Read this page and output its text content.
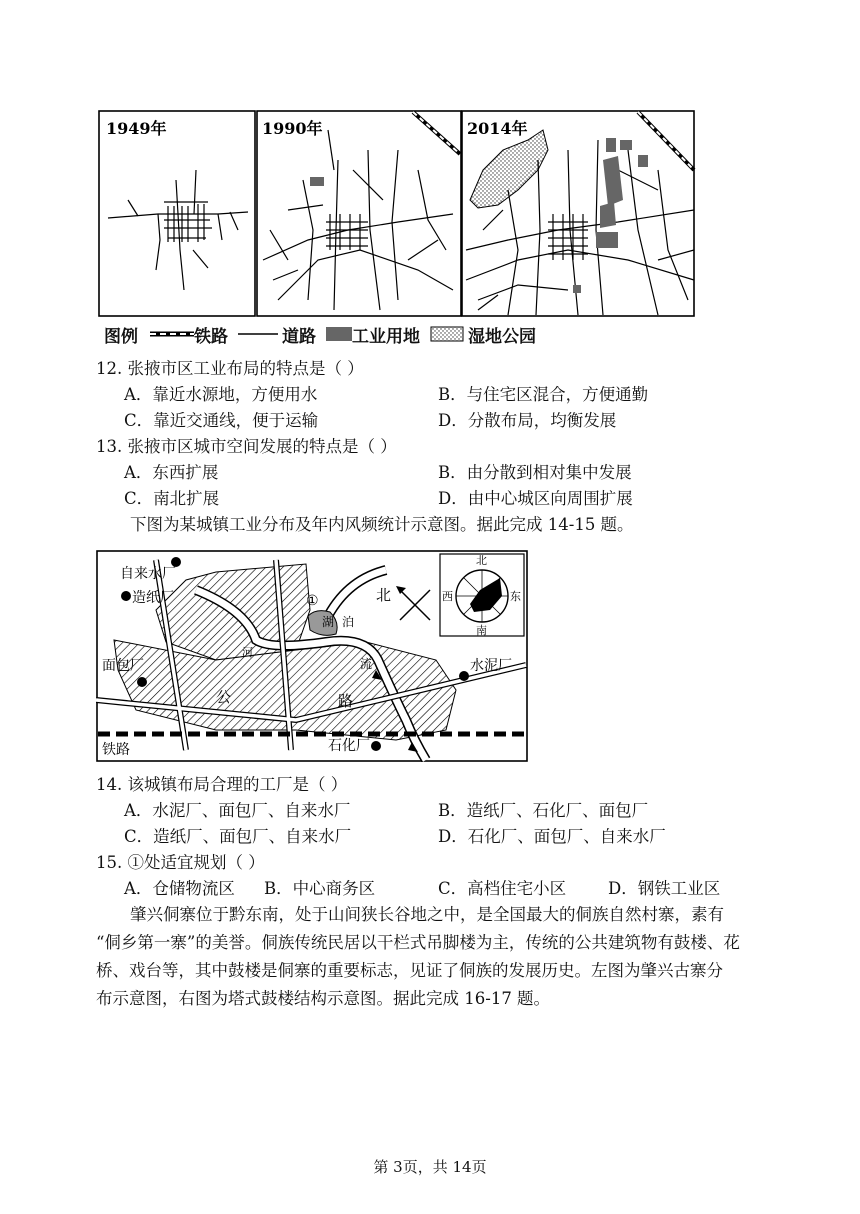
1949年	1990年	2014年
图例	铁路	道路 工业用地	湿地公园
12. 张掖市区工业布局的特点是（ ）
A．靠近水源地，方便用水	B．与住宅区混合，方便通勤
C．靠近交通线，便于运输	D．分散布局，均衡发展
13. 张掖市区城市空间发展的特点是（ ）
A．东西扩展	B．由分散到相对集中发展
C．南北扩展	D．由中心城区向周围扩展
下图为某城镇工业分布及年内风频统计示意图。据此完成 14-15 题。
自来水厂
造纸厂
面包厂	水泥厂
石化厂
①
湖 泊
河
流
公	路
铁路
北
北
西	东
南
14. 该城镇布局合理的工厂是（ ）
A．水泥厂、面包厂、自来水厂	B．造纸厂、石化厂、面包厂
C．造纸厂、面包厂、自来水厂	D．石化厂、面包厂、自来水厂
15. ①处适宜规划（ ）
A．仓储物流区 B．中心商务区	C．高档住宅小区	D．钢铁工业区
肇兴侗寨位于黔东南，处于山间狭长谷地之中，是全国最大的侗族自然村寨，素有
“侗乡第一寨”的美誉。侗族传统民居以干栏式吊脚楼为主，传统的公共建筑物有鼓楼、花
桥、戏台等，其中鼓楼是侗寨的重要标志，见证了侗族的发展历史。左图为肇兴古寨分
布示意图，右图为塔式鼓楼结构示意图。据此完成 16-17 题。
第 3页，共 14页
